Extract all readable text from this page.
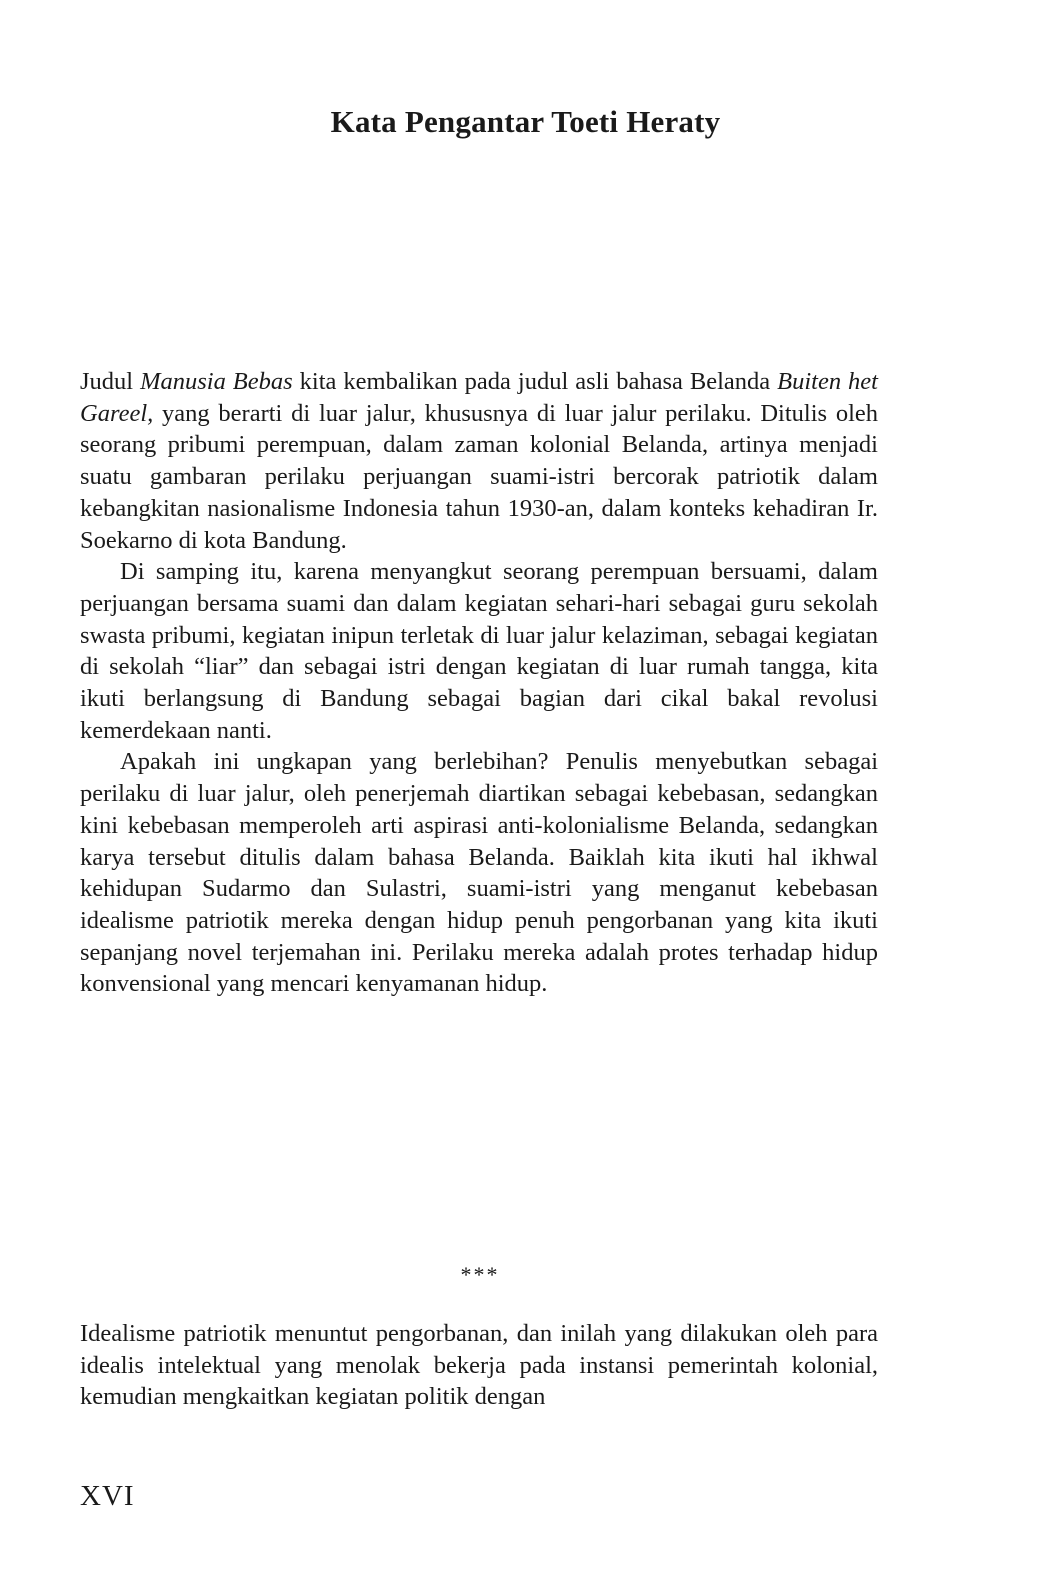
Kata Pengantar Toeti Heraty

Judul Manusia Bebas kita kembalikan pada judul asli bahasa Belanda Buiten het Gareel, yang berarti di luar jalur, khususnya di luar jalur perilaku. Ditulis oleh seorang pribumi perempuan, dalam zaman kolonial Belanda, artinya menjadi suatu gambaran perilaku perjuangan suami-istri bercorak patriotik dalam kebangkitan nasionalisme Indonesia tahun 1930-an, dalam konteks kehadiran Ir. Soekarno di kota Bandung.

Di samping itu, karena menyangkut seorang perempuan bersuami, dalam perjuangan bersama suami dan dalam kegiatan sehari-hari sebagai guru sekolah swasta pribumi, kegiatan inipun terletak di luar jalur kelaziman, sebagai kegiatan di sekolah “liar” dan sebagai istri dengan kegiatan di luar rumah tangga, kita ikuti berlangsung di Bandung sebagai bagian dari cikal bakal revolusi kemerdekaan nanti.

Apakah ini ungkapan yang berlebihan? Penulis menyebutkan sebagai perilaku di luar jalur, oleh penerjemah diartikan sebagai kebebasan, sedangkan kini kebebasan memperoleh arti aspirasi anti-kolonialisme Belanda, sedangkan karya tersebut ditulis dalam bahasa Belanda. Baiklah kita ikuti hal ikhwal kehidupan Sudarmo dan Sulastri, suami-istri yang menganut kebebasan idealisme patriotik mereka dengan hidup penuh pengorbanan yang kita ikuti sepanjang novel terjemahan ini. Perilaku mereka adalah protes terhadap hidup konvensional yang mencari kenyamanan hidup.

***

Idealisme patriotik menuntut pengorbanan, dan inilah yang dilakukan oleh para idealis intelektual yang menolak bekerja pada instansi pemerintah kolonial, kemudian mengkaitkan kegiatan politik dengan

XVI
